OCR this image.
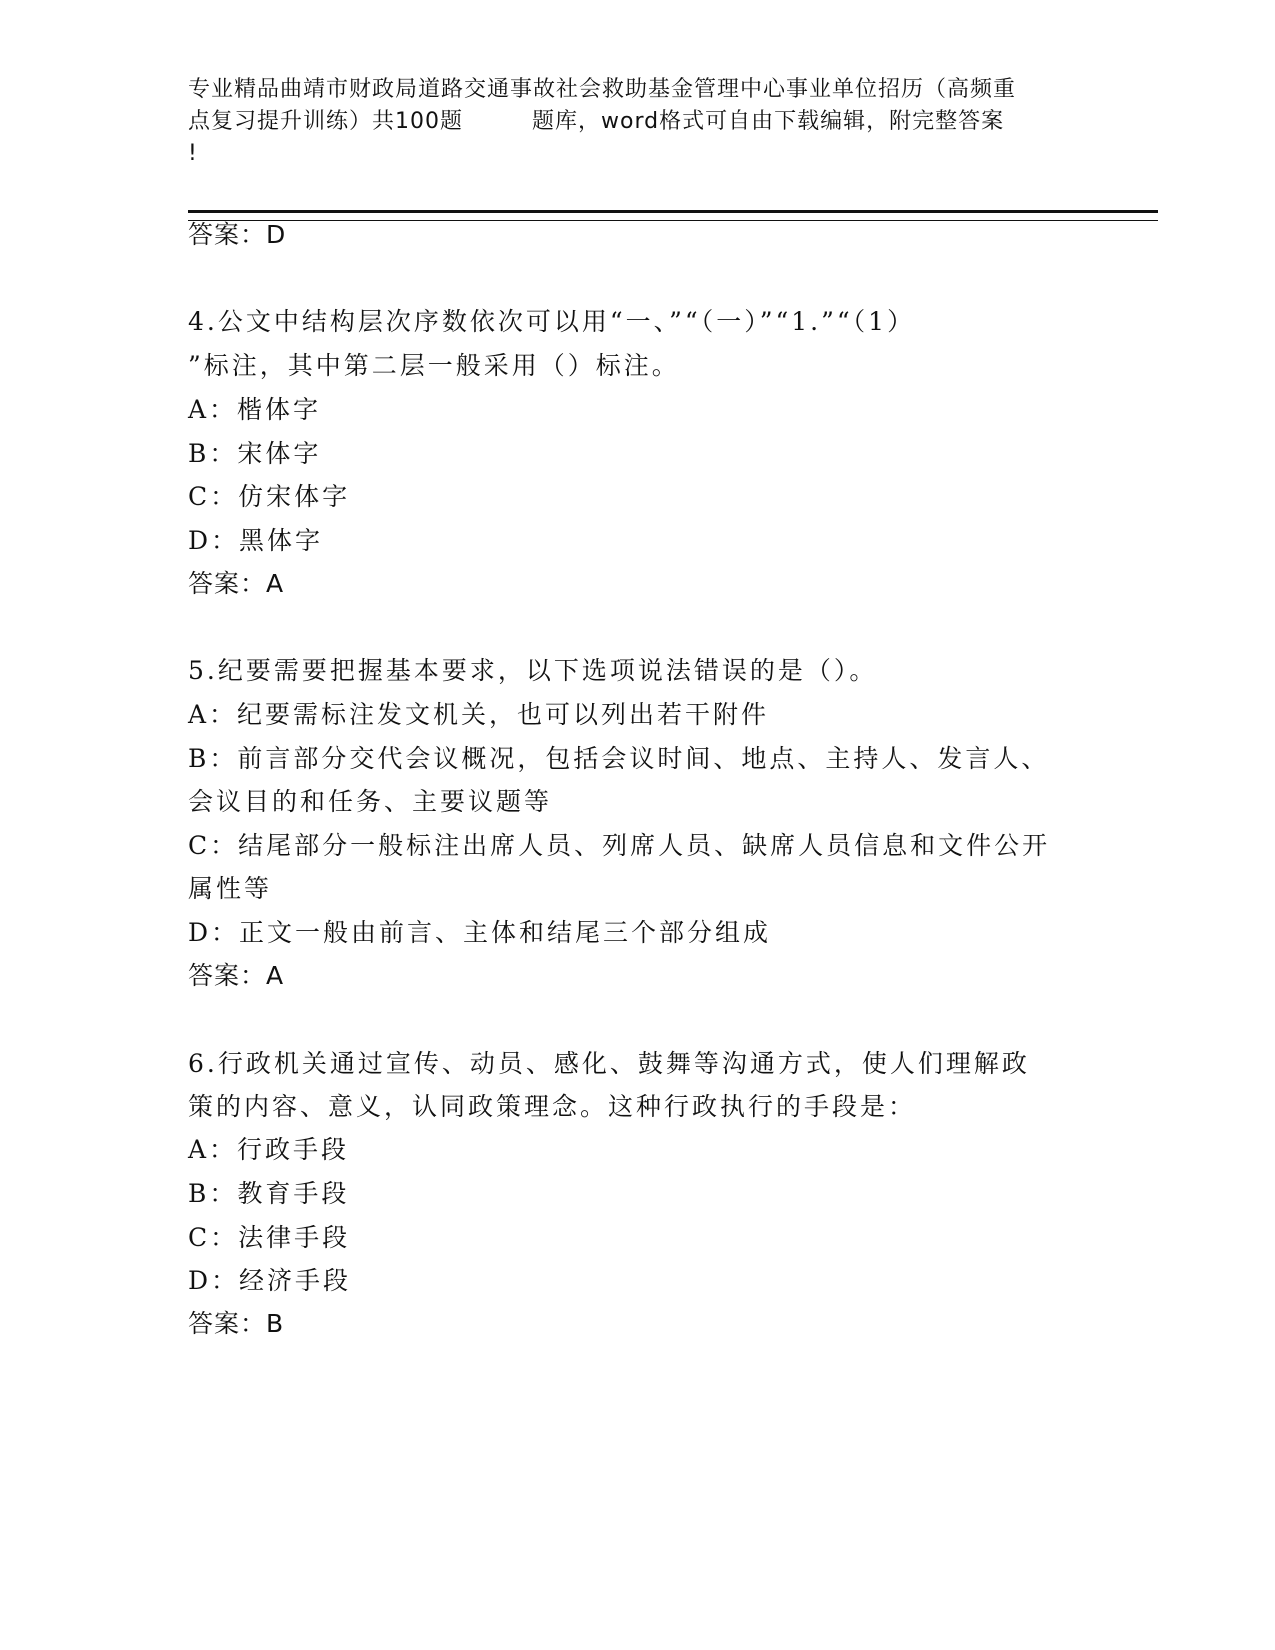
专业精品曲靖市财政局道路交通事故社会救助基金管理中心事业单位招历（高频重
点复习提升训练）共100题　　　题库，word格式可自由下载编辑，附完整答案
!
答案：D
4.公文中结构层次序数依次可以用“一、”“（一）”“1.”“（1）
”标注，其中第二层一般采用（）标注。
A：楷体字
B：宋体字
C：仿宋体字
D：黑体字
答案：A
5.纪要需要把握基本要求，以下选项说法错误的是（）。
A：纪要需标注发文机关，也可以列出若干附件
B：前言部分交代会议概况，包括会议时间、地点、主持人、发言人、
会议目的和任务、主要议题等
C：结尾部分一般标注出席人员、列席人员、缺席人员信息和文件公开
属性等
D：正文一般由前言、主体和结尾三个部分组成
答案：A
6.行政机关通过宣传、动员、感化、鼓舞等沟通方式，使人们理解政
策的内容、意义，认同政策理念。这种行政执行的手段是：
A：行政手段
B：教育手段
C：法律手段
D：经济手段
答案：B
